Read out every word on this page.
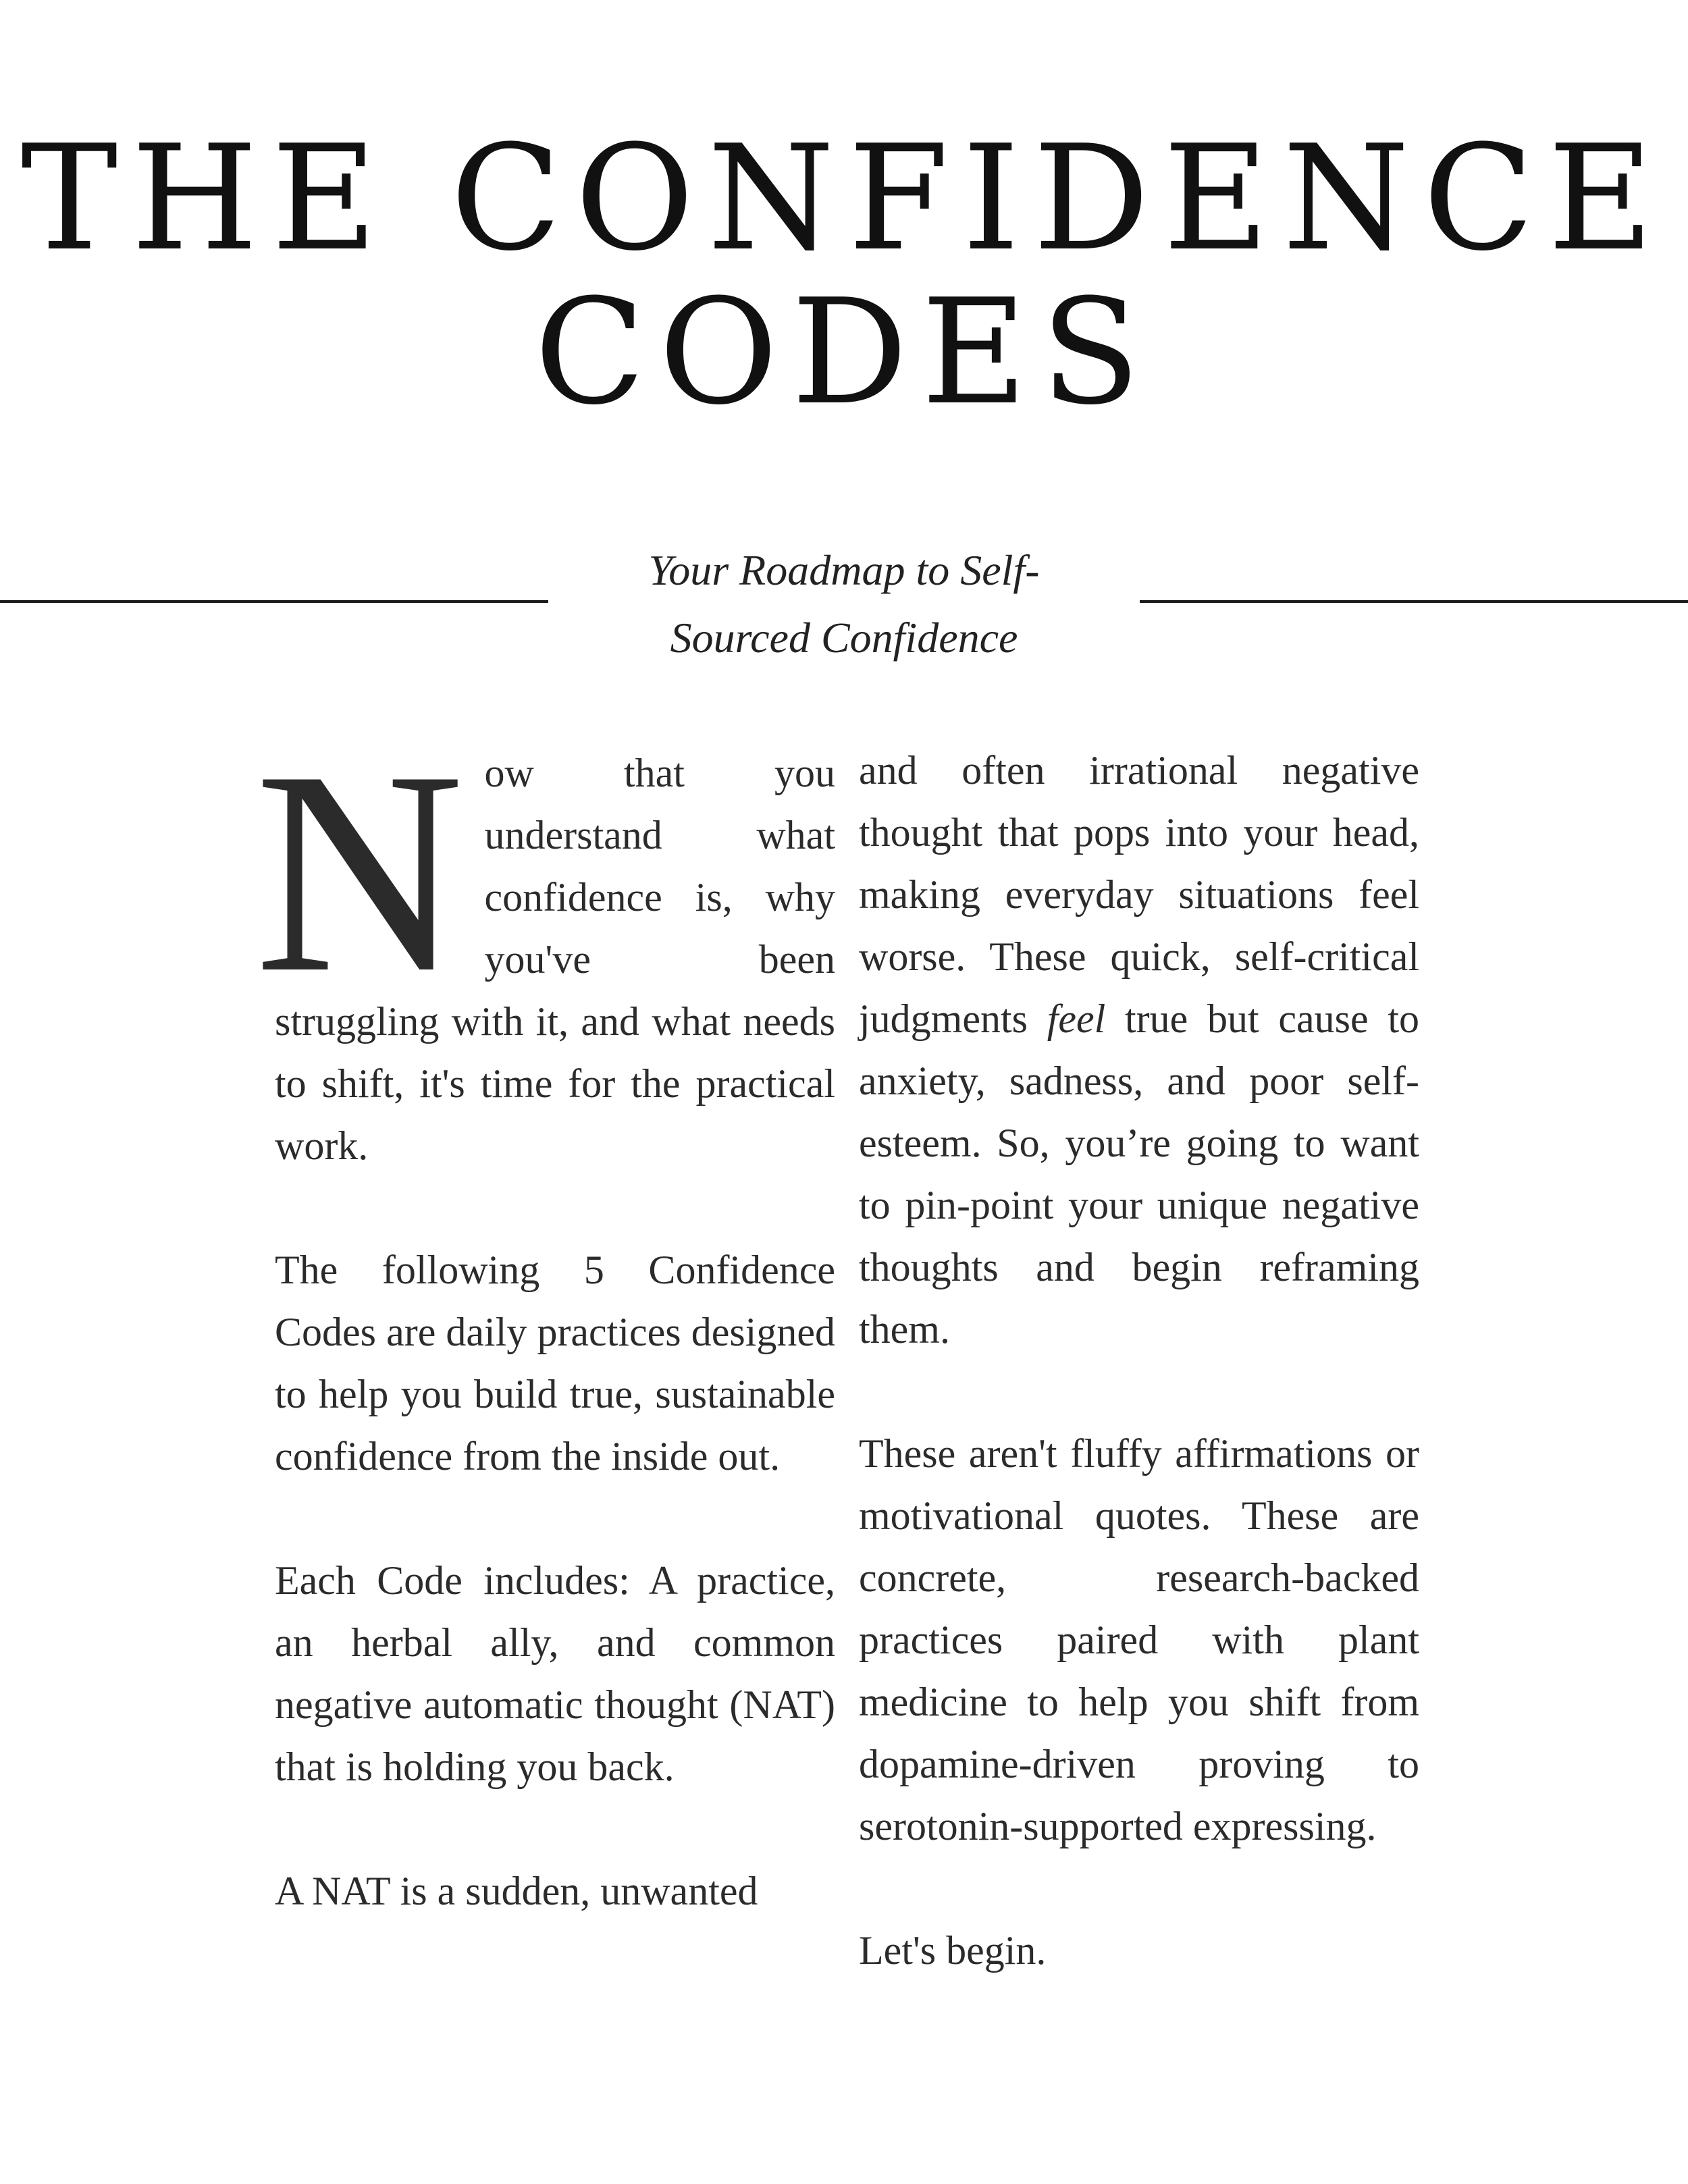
THE CONFIDENCE
CODES
Your Roadmap to Self-
Sourced Confidence

Now that you understand what confidence is, why you've been struggling with it, and what needs to shift, it's time for the practical work.

The following 5 Confidence Codes are daily practices designed to help you build true, sustainable confidence from the inside out.

Each Code includes: A practice, an herbal ally, and common negative automatic thought (NAT) that is holding you back.

A NAT is a sudden, unwanted

and often irrational negative thought that pops into your head, making everyday situations feel worse. These quick, self-critical judgments feel true but cause to anxiety, sadness, and poor self-esteem. So, you’re going to want to pin-point your unique negative thoughts and begin reframing them.

These aren't fluffy affirmations or motivational quotes. These are concrete, research-backed practices paired with plant medicine to help you shift from dopamine-driven proving to serotonin-supported expressing.

Let's begin.
